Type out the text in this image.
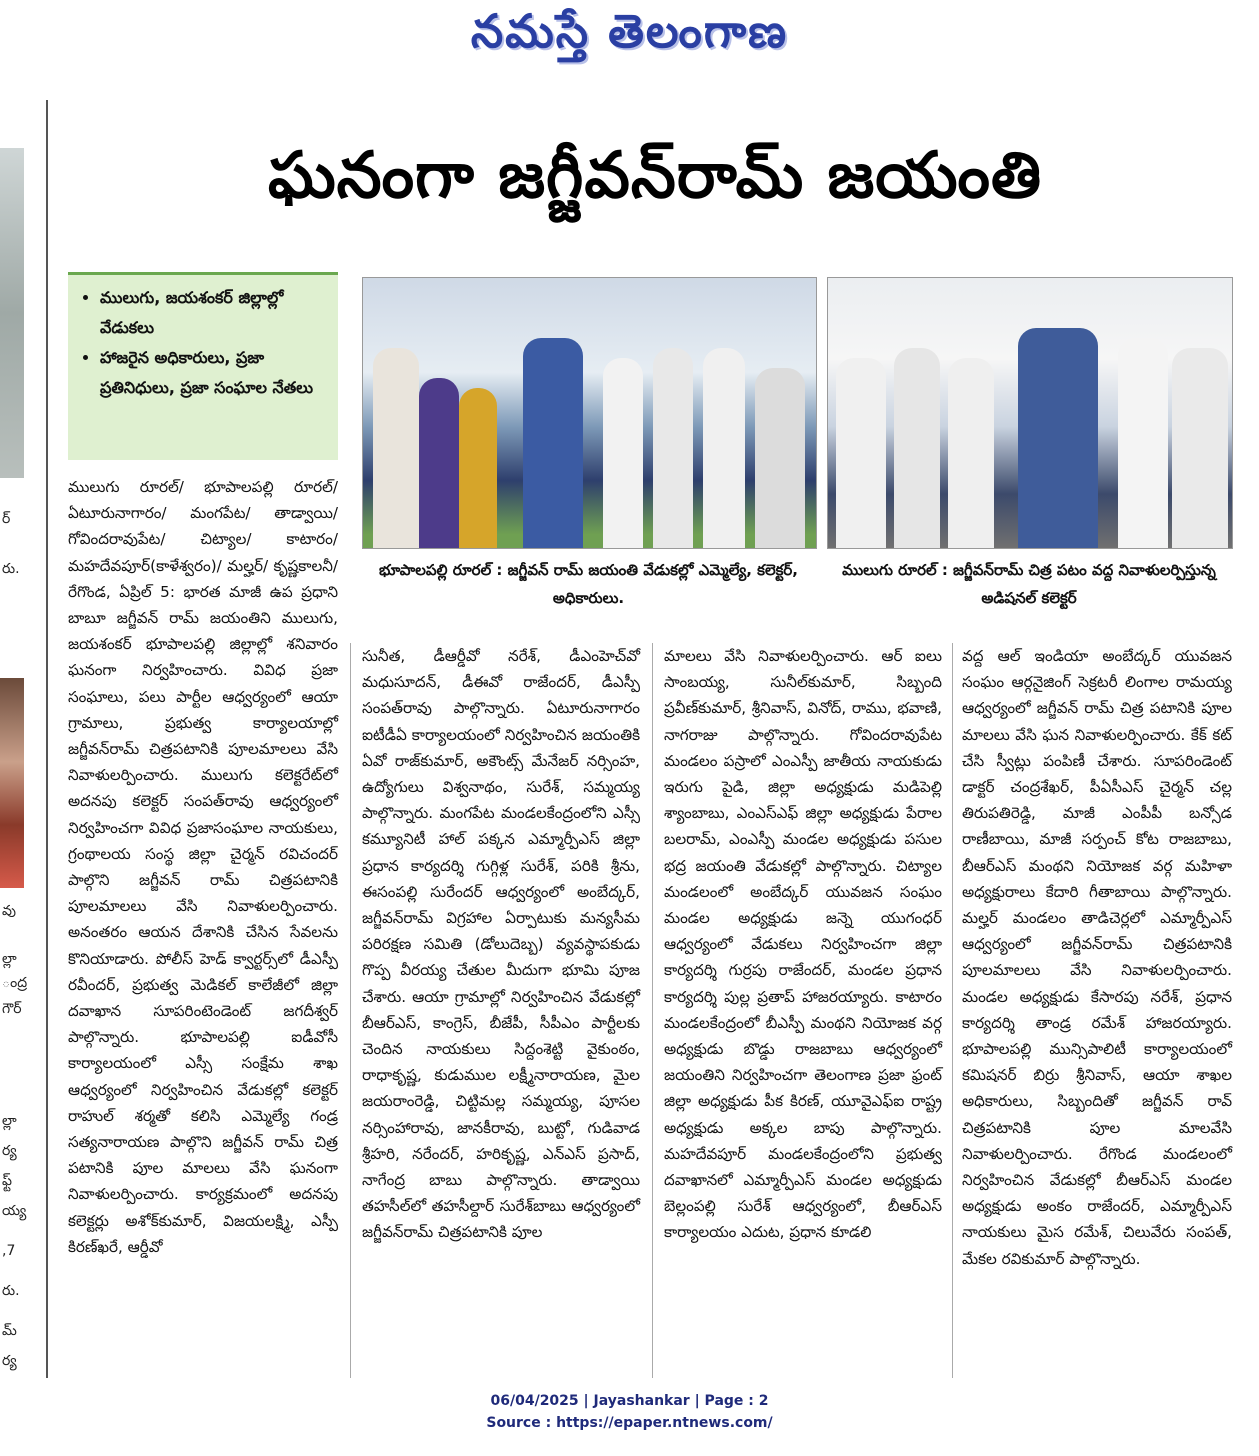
నమస్తే తెలంగాణ
ర్
రు.
వు
ల్లా
ంద్ర
గౌర్
ల్లా
ర్య
ఫ్ట్
య్య
,7
రు.
మ్
ర్య
ఘనంగా జగ్జీవన్‌రామ్ జయంతి
• ములుగు, జయశంకర్ జిల్లాల్లో వేడుకలు
• హాజరైన అధికారులు, ప్రజా ప్రతినిధులు, ప్రజా సంఘాల నేతలు
భూపాలపల్లి రూరల్ : జగ్జీవన్ రామ్ జయంతి వేడుకల్లో ఎమ్మెల్యే, కలెక్టర్, అధికారులు.
ములుగు రూరల్ : జగ్జీవన్‌రామ్ చిత్ర పటం వద్ద నివాళులర్పిస్తున్న అడిషనల్ కలెక్టర్
ములుగు రూరల్/ భూపాలపల్లి రూరల్/ ఏటూరునాగారం/ మంగపేట/ తాడ్వాయి/ గోవిందరావుపేట/ చిట్యాల/ కాటారం/ మహదేవపూర్(కాళేశ్వరం)/ మల్హర్/ కృష్ణకాలనీ/ రేగొండ, ఏప్రిల్ 5: భారత మాజీ ఉప ప్రధాని బాబూ జగ్జీవన్ రామ్ జయంతిని ములుగు, జయశంకర్ భూపాలపల్లి జిల్లాల్లో శనివారం ఘనంగా నిర్వహించారు. వివిధ ప్రజా సంఘాలు, పలు పార్టీల ఆధ్వర్యంలో ఆయా గ్రామాలు, ప్రభుత్వ కార్యాలయాల్లో జగ్జీవన్‌రామ్ చిత్రపటానికి పూలమాలలు వేసి నివాళులర్పించారు. ములుగు కలెక్టరేట్‌లో అదనపు కలెక్టర్ సంపత్‌రావు ఆధ్వర్యంలో నిర్వహించగా వివిధ ప్రజాసంఘాల నాయకులు, గ్రంథాలయ సంస్థ జిల్లా చైర్మన్ రవిచందర్ పాల్గొని జగ్జీవన్ రామ్ చిత్రపటానికి పూలమాలలు వేసి నివాళులర్పించారు. అనంతరం ఆయన దేశానికి చేసిన సేవలను కొనియాడారు. పోలీస్ హెడ్ క్వార్టర్స్‌లో డీఎస్పీ రవీందర్, ప్రభుత్వ మెడికల్ కాలేజీలో జిల్లా దవాఖాన సూపరింటెండెంట్ జగదీశ్వర్ పాల్గొన్నారు. భూపాలపల్లి ఐడీవోసీ కార్యాలయంలో ఎస్సీ సంక్షేమ శాఖ ఆధ్వర్యంలో నిర్వహించిన వేడుకల్లో కలెక్టర్ రాహుల్ శర్మతో కలిసి ఎమ్మెల్యే గండ్ర సత్యనారాయణ పాల్గొని జగ్జీవన్ రామ్ చిత్ర పటానికి పూల మాలలు వేసి ఘనంగా నివాళులర్పించారు. కార్యక్రమంలో అదనపు కలెక్టర్లు అశోక్‌కుమార్, విజయలక్ష్మి, ఎస్పీ కిరణ్‌ఖరే, ఆర్డీవో
సునీత, డీఆర్డీవో నరేశ్, డీఎంహెచ్‌వో మధుసూదన్, డీఈవో రాజేందర్, డీఎస్పీ సంపత్‌రావు పాల్గొన్నారు. ఏటూరునాగారం ఐటీడీఏ కార్యాలయంలో నిర్వహించిన జయంతికి ఏవో రాజ్‌కుమార్, అకౌంట్స్ మేనేజర్ నర్సింహ, ఉద్యోగులు విశ్వనాథం, సురేశ్, సమ్మయ్య పాల్గొన్నారు. మంగపేట మండలకేంద్రంలోని ఎస్సీ కమ్యూనిటీ హాల్ పక్కన ఎమ్మార్పీఎస్ జిల్లా ప్రధాన కార్యదర్శి గుగ్గిళ్ల సురేశ్, పరికి శ్రీను, ఈసంపల్లి సురేందర్ ఆధ్వర్యంలో అంబేద్కర్, జగ్జీవన్‌రామ్ విగ్రహాల ఏర్పాటుకు మన్యసీమ పరిరక్షణ సమితి (డోలుదెబ్బ) వ్యవస్థాపకుడు గొప్ప వీరయ్య చేతుల మీదుగా భూమి పూజ చేశారు. ఆయా గ్రామాల్లో నిర్వహించిన వేడుకల్లో బీఆర్‌ఎస్, కాంగ్రెస్, బీజేపీ, సీపీఎం పార్టీలకు చెందిన నాయకులు సిద్దంశెట్టి వైకుంఠం, రాధాకృష్ణ, కుడుముల లక్ష్మీనారాయణ, మైల జయరాంరెడ్డి, చిట్టిమల్ల సమ్మయ్య, పూసల నర్సింహారావు, జానకీరావు, బుట్టో, గుడివాడ శ్రీహరి, నరేందర్, హరికృష్ణ, ఎన్ఎస్ ప్రసాద్, నాగేంద్ర బాబు పాల్గొన్నారు. తాడ్వాయి తహసీల్‌లో తహసీల్దార్ సురేశ్‌బాబు ఆధ్వర్యంలో జగ్జీవన్‌రామ్ చిత్రపటానికి పూల
మాలలు వేసి నివాళులర్పించారు. ఆర్ ఐలు సాంబయ్య, సునీల్‌కుమార్, సిబ్బంది ప్రవీణ్‌కుమార్, శ్రీనివాస్, వినోద్, రాము, భవాణి, నాగరాజు పాల్గొన్నారు. గోవిందరావుపేట మండలం పస్రాలో ఎంఎస్పీ జాతీయ నాయకుడు ఇరుగు పైడి, జిల్లా అధ్యక్షుడు మడిపెల్లి శ్యాంబాబు, ఎంఎస్‌ఎఫ్ జిల్లా అధ్యక్షుడు పేరాల బలరామ్, ఎంఎస్పీ మండల అధ్యక్షుడు పసుల భద్ర జయంతి వేడుకల్లో పాల్గొన్నారు. చిట్యాల మండలంలో అంబేద్కర్ యువజన సంఘం మండల అధ్యక్షుడు జన్నె యుగంధర్ ఆధ్వర్యంలో వేడుకలు నిర్వహించగా జిల్లా కార్యదర్శి గుర్రపు రాజేందర్, మండల ప్రధాన కార్యదర్శి పుల్ల ప్రతాప్ హాజరయ్యారు. కాటారం మండలకేంద్రంలో బీఎస్పీ మంథని నియోజక వర్గ అధ్యక్షుడు బొడ్డు రాజబాబు ఆధ్వర్యంలో జయంతిని నిర్వహించగా తెలంగాణ ప్రజా ఫ్రంట్ జిల్లా అధ్యక్షుడు పీక కిరణ్, యూవైఎఫ్‌ఐ రాష్ట్ర అధ్యక్షుడు అక్కల బాపు పాల్గొన్నారు. మహదేవపూర్ మండలకేంద్రంలోని ప్రభుత్వ దవాఖానలో ఎమ్మార్పీఎస్ మండల అధ్యక్షుడు బెల్లంపల్లి సురేశ్ ఆధ్వర్యంలో, బీఆర్ఎస్ కార్యాలయం ఎదుట, ప్రధాన కూడలి
వద్ద ఆల్ ఇండియా అంబేద్కర్ యువజన సంఘం ఆర్గనైజింగ్ సెక్రటరీ లింగాల రామయ్య ఆధ్వర్యంలో జగ్జీవన్ రామ్ చిత్ర పటానికి పూల మాలలు వేసి ఘన నివాళులర్పించారు. కేక్ కట్ చేసి స్వీట్లు పంపిణీ చేశారు. సూపరిండెంట్ డాక్టర్ చంద్రశేఖర్, పీఏసీఎస్ చైర్మన్ చల్ల తిరుపతిరెడ్డి, మాజీ ఎంపీపీ బన్సోడ రాణీబాయి, మాజీ సర్పంచ్ కోట రాజబాబు, బీఆర్ఎస్ మంథని నియోజక వర్గ మహిళా అధ్యక్షురాలు కేదారి గీతాబాయి పాల్గొన్నారు. మల్హర్ మండలం తాడిచెర్లలో ఎమ్మార్పీఎస్ ఆధ్వర్యంలో జగ్జీవన్‌రామ్ చిత్రపటానికి పూలమాలలు వేసి నివాళులర్పించారు. మండల అధ్యక్షుడు కేసారపు నరేశ్, ప్రధాన కార్యదర్శి తాండ్ర రమేశ్ హాజరయ్యారు. భూపాలపల్లి మున్సిపాలిటీ కార్యాలయంలో కమిషనర్ బిర్రు శ్రీనివాస్, ఆయా శాఖల అధికారులు, సిబ్బందితో జగ్జీవన్ రావ్ చిత్రపటానికి పూల మాలవేసి నివాళులర్పించారు. రేగొండ మండలంలో నిర్వహించిన వేడుకల్లో బీఆర్ఎస్ మండల అధ్యక్షుడు అంకం రాజేందర్, ఎమ్మార్పీఎస్ నాయకులు మైస రమేశ్, చిలువేరు సంపత్, మేకల రవికుమార్ పాల్గొన్నారు.
06/04/2025 | Jayashankar | Page : 2
Source : https://epaper.ntnews.com/
